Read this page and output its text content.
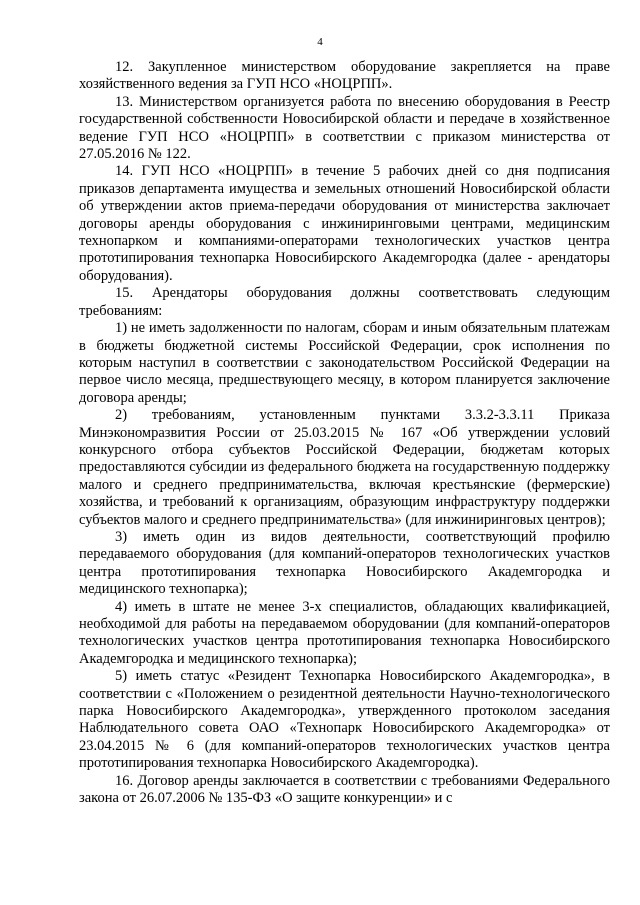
4

12. Закупленное министерством оборудование закрепляется на праве хозяйственного ведения за ГУП НСО «НОЦРПП».

13. Министерством организуется работа по внесению оборудования в Реестр государственной собственности Новосибирской области и передаче в хозяйственное ведение ГУП НСО «НОЦРПП» в соответствии с приказом министерства от 27.05.2016 № 122.

14. ГУП НСО «НОЦРПП» в течение 5 рабочих дней со дня подписания приказов департамента имущества и земельных отношений Новосибирской области об утверждении актов приема-передачи оборудования от министерства заключает договоры аренды оборудования с инжиниринговыми центрами, медицинским технопарком и компаниями-операторами технологических участков центра прототипирования технопарка Новосибирского Академгородка (далее - арендаторы оборудования).

15. Арендаторы оборудования должны соответствовать следующим требованиям:

1) не иметь задолженности по налогам, сборам и иным обязательным платежам в бюджеты бюджетной системы Российской Федерации, срок исполнения по которым наступил в соответствии с законодательством Российской Федерации на первое число месяца, предшествующего месяцу, в котором планируется заключение договора аренды;

2) требованиям, установленным пунктами 3.3.2-3.3.11 Приказа Минэкономразвития России от 25.03.2015 № 167 «Об утверждении условий конкурсного отбора субъектов Российской Федерации, бюджетам которых предоставляются субсидии из федерального бюджета на государственную поддержку малого и среднего предпринимательства, включая крестьянские (фермерские) хозяйства, и требований к организациям, образующим инфраструктуру поддержки субъектов малого и среднего предпринимательства» (для инжиниринговых центров);

3) иметь один из видов деятельности, соответствующий профилю передаваемого оборудования (для компаний-операторов технологических участков центра прототипирования технопарка Новосибирского Академгородка и медицинского технопарка);

4) иметь в штате не менее 3-х специалистов, обладающих квалификацией, необходимой для работы на передаваемом оборудовании (для компаний-операторов технологических участков центра прототипирования технопарка Новосибирского Академгородка и медицинского технопарка);

5) иметь статус «Резидент Технопарка Новосибирского Академгородка», в соответствии с «Положением о резидентной деятельности Научно-технологического парка Новосибирского Академгородка», утвержденного протоколом заседания Наблюдательного совета ОАО «Технопарк Новосибирского Академгородка» от 23.04.2015 № 6 (для компаний-операторов технологических участков центра прототипирования технопарка Новосибирского Академгородка).

16. Договор аренды заключается в соответствии с требованиями Федерального закона от 26.07.2006 № 135-ФЗ «О защите конкуренции» и с
